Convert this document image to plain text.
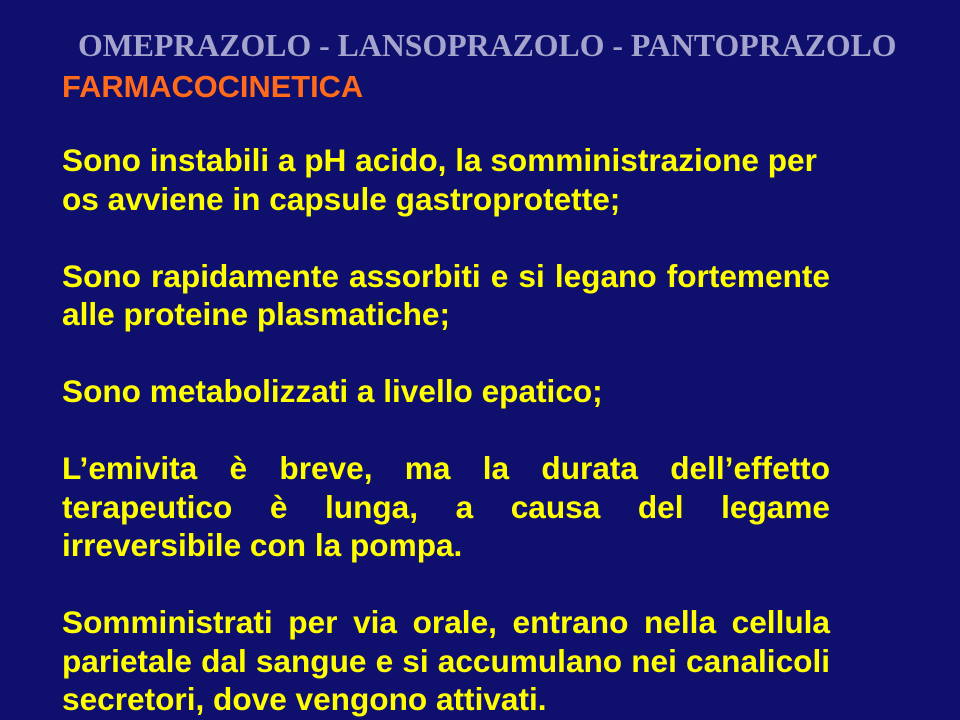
OMEPRAZOLO - LANSOPRAZOLO - PANTOPRAZOLO
FARMACOCINETICA
Sono instabili a pH acido, la somministrazione per
os avviene in capsule gastroprotette;
Sono rapidamente assorbiti e si legano fortemente
alle proteine plasmatiche;
Sono metabolizzati a livello epatico;
L’emivita è breve, ma la durata dell’effetto
terapeutico è lunga, a causa del legame
irreversibile con la pompa.
Somministrati per via orale, entrano nella cellula
parietale dal sangue e si accumulano nei canalicoli
secretori, dove vengono attivati.
